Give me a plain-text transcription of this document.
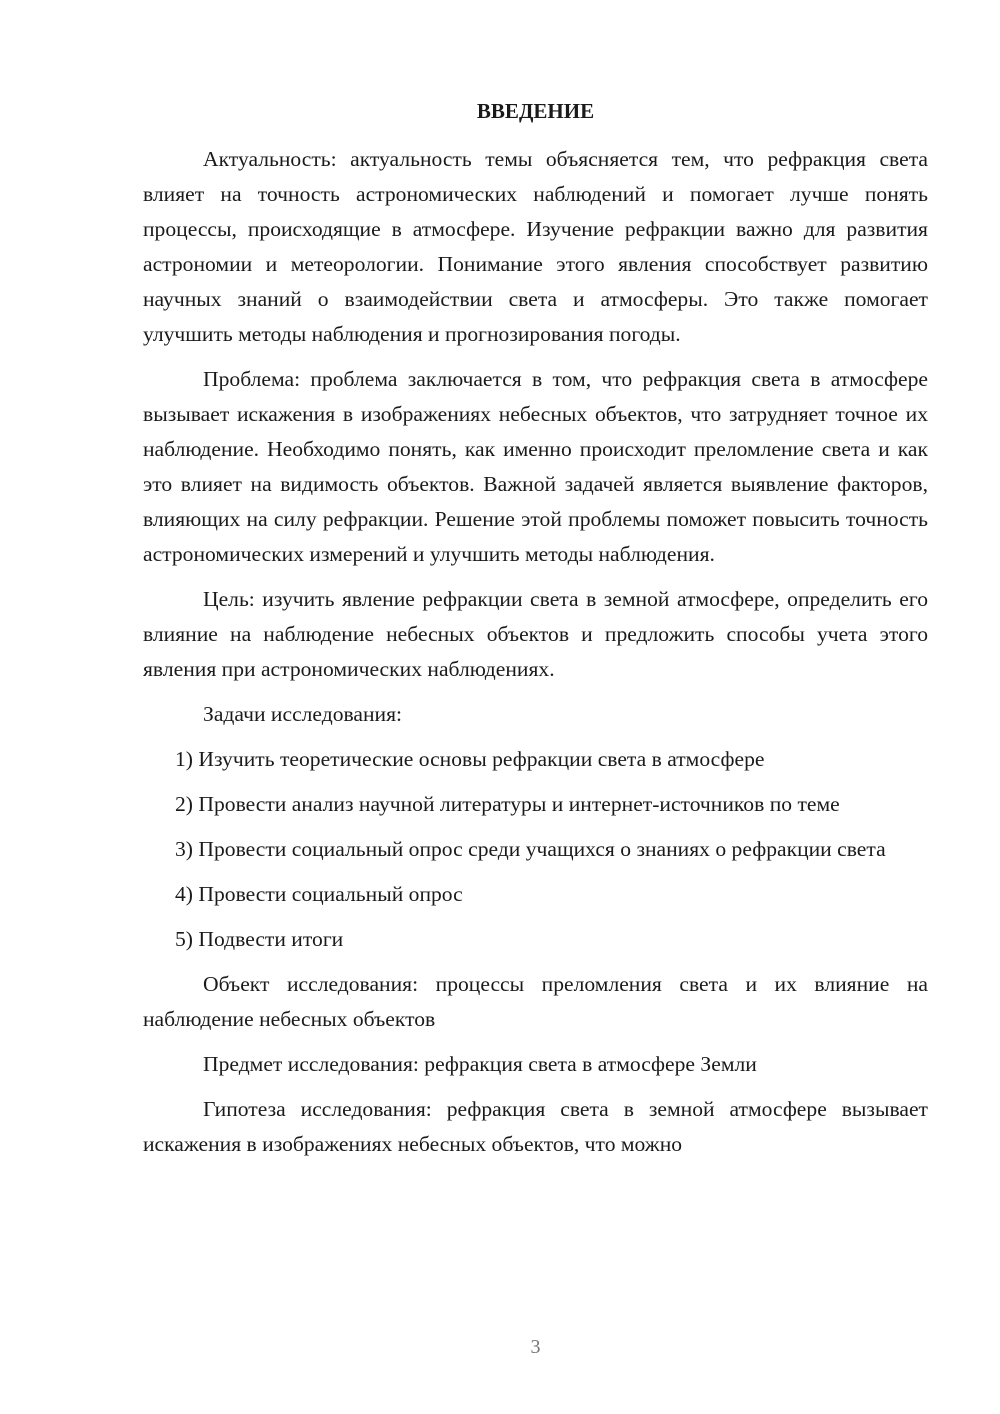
ВВЕДЕНИЕ

Актуальность: актуальность темы объясняется тем, что рефракция света влияет на точность астрономических наблюдений и помогает лучше понять процессы, происходящие в атмосфере. Изучение рефракции важно для развития астрономии и метеорологии. Понимание этого явления способствует развитию научных знаний о взаимодействии света и атмосферы. Это также помогает улучшить методы наблюдения и прогнозирования погоды.

Проблема: проблема заключается в том, что рефракция света в атмосфере вызывает искажения в изображениях небесных объектов, что затрудняет точное их наблюдение. Необходимо понять, как именно происходит преломление света и как это влияет на видимость объектов. Важной задачей является выявление факторов, влияющих на силу рефракции. Решение этой проблемы поможет повысить точность астрономических измерений и улучшить методы наблюдения.

Цель: изучить явление рефракции света в земной атмосфере, определить его влияние на наблюдение небесных объектов и предложить способы учета этого явления при астрономических наблюдениях.

Задачи исследования:

1) Изучить теоретические основы рефракции света в атмосфере

2) Провести анализ научной литературы и интернет-источников по теме

3) Провести социальный опрос среди учащихся о знаниях о рефракции света

4) Провести социальный опрос

5) Подвести итоги

Объект исследования: процессы преломления света и их влияние на наблюдение небесных объектов

Предмет исследования: рефракция света в атмосфере Земли

Гипотеза исследования: рефракция света в земной атмосфере вызывает искажения в изображениях небесных объектов, что можно

3
